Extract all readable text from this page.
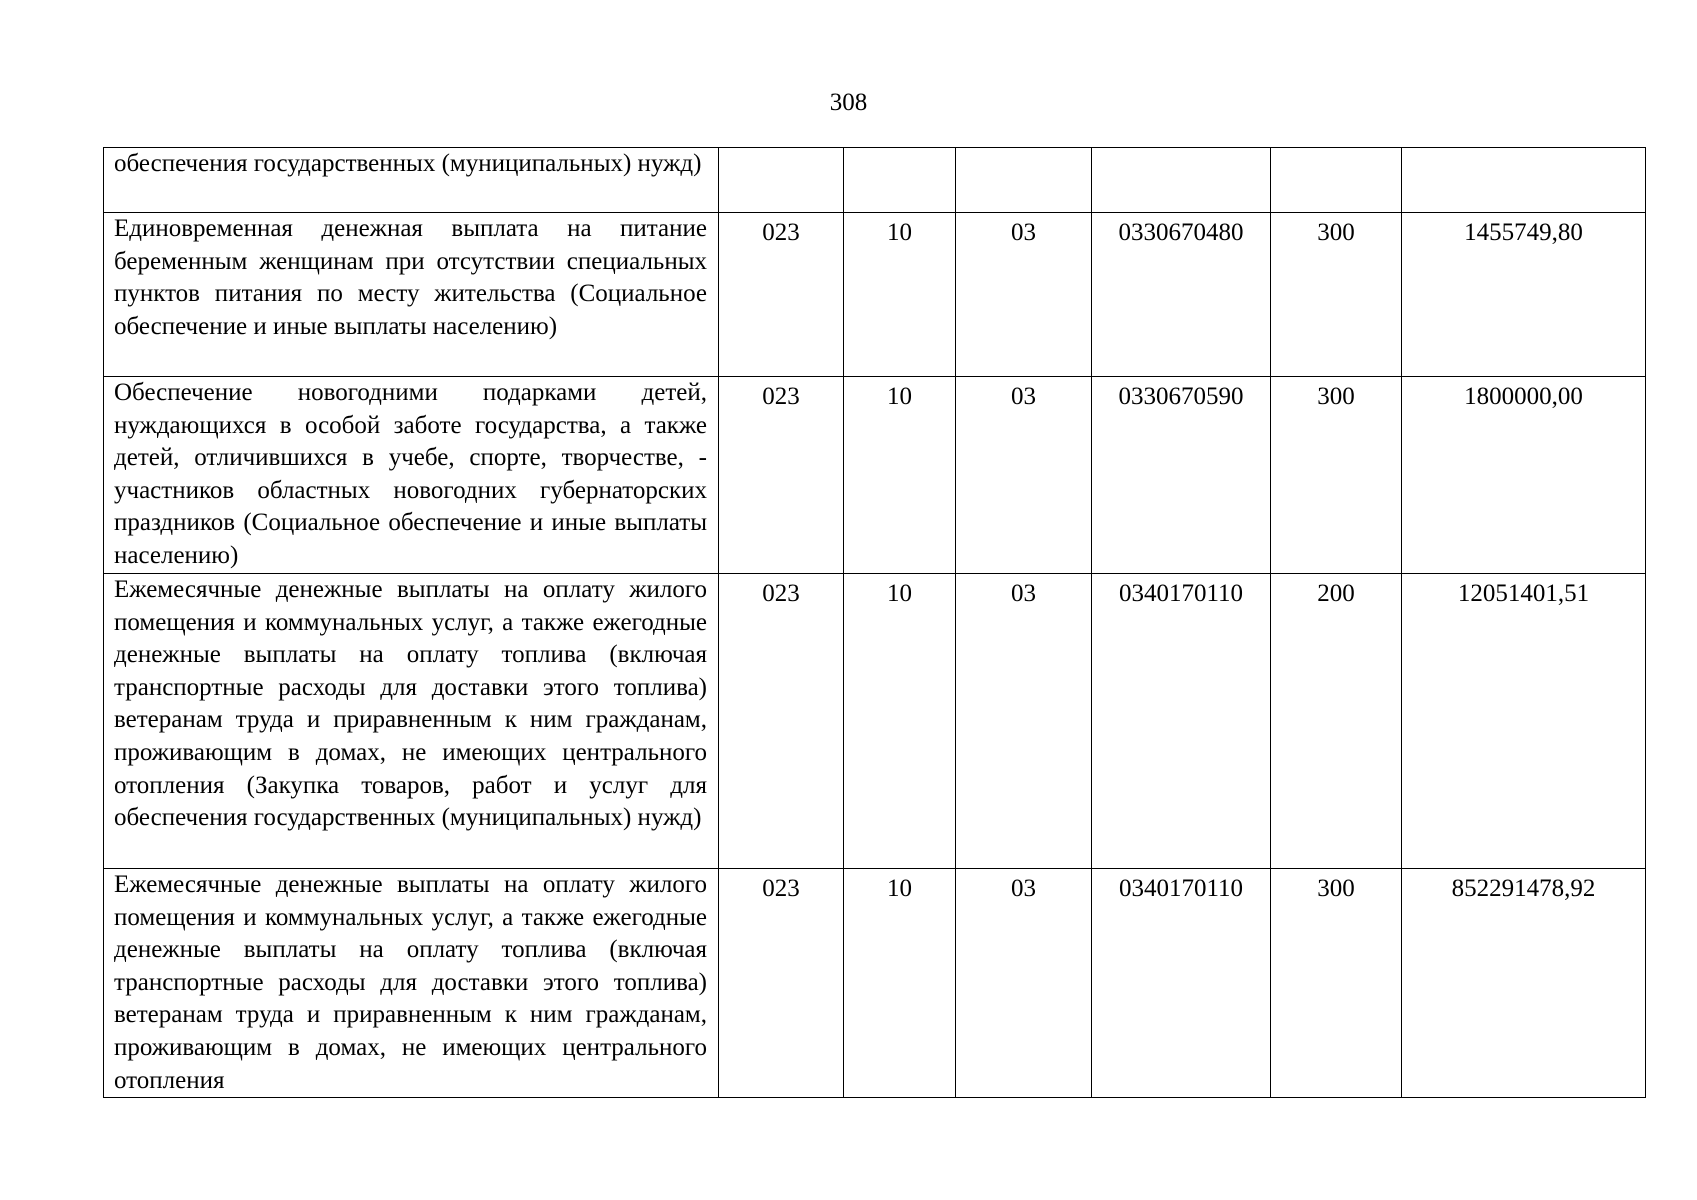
308
обеспечения государственных (муниципальных) нужд)						
Единовременная денежная выплата на питание беременным женщинам при отсутствии специальных пунктов питания по месту жительства (Социальное обеспечение и иные выплаты населению)	023	10	03	0330670480	300	1455749,80
Обеспечение новогодними подарками детей, нуждающихся в особой заботе государства, а также детей, отличившихся в учебе, спорте, творчестве, - участников областных новогодних губернаторских праздников (Социальное обеспечение и иные выплаты населению)	023	10	03	0330670590	300	1800000,00
Ежемесячные денежные выплаты на оплату жилого помещения и коммунальных услуг, а также ежегодные денежные выплаты на оплату топлива (включая транспортные расходы для доставки этого топлива) ветеранам труда и приравненным к ним гражданам, проживающим в домах, не имеющих центрального отопления (Закупка товаров, работ и услуг для обеспечения государственных (муниципальных) нужд)	023	10	03	0340170110	200	12051401,51
Ежемесячные денежные выплаты на оплату жилого помещения и коммунальных услуг, а также ежегодные денежные выплаты на оплату топлива (включая транспортные расходы для доставки этого топлива) ветеранам труда и приравненным к ним гражданам, проживающим в домах, не имеющих центрального отопления	023	10	03	0340170110	300	852291478,92
